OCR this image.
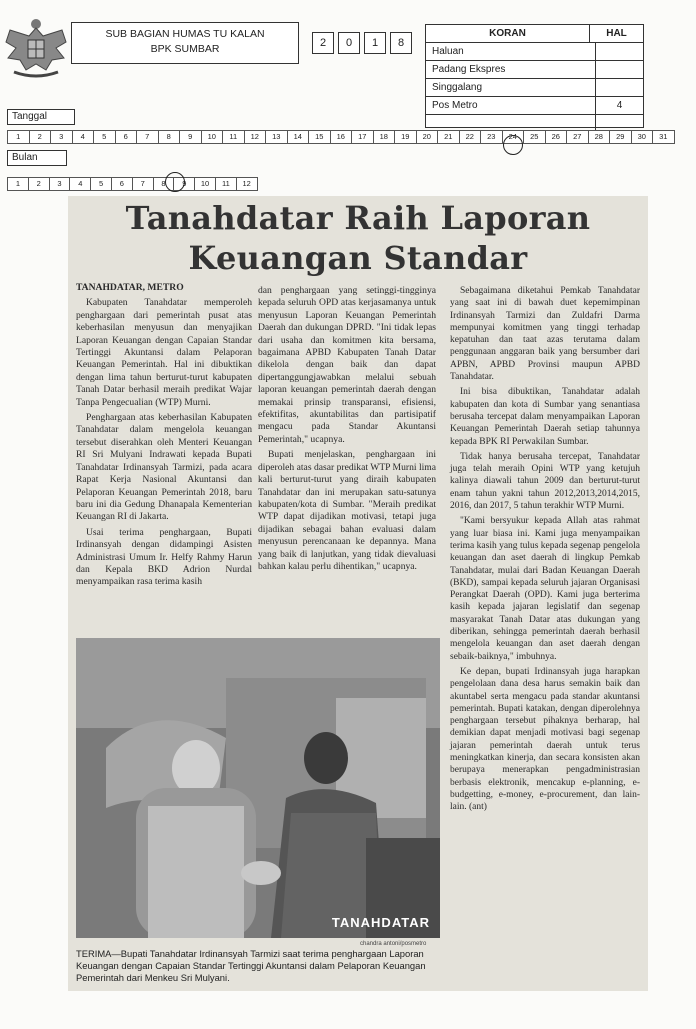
SUB BAGIAN HUMAS TU KALAN
BPK SUMBAR	2	0	1	8
KORAN	HAL
Haluan
Padang Ekspres
Singgalang
Pos Metro	4
Tanggal
1	2	3	4	5	6	7	8	9	10	11	12	13	14	15	16	17	18	19	20	21	22	23	24	25	26	27	28	29	30	31
Bulan
1	2	3	4	5	6	7	8	9	10	11	12
Tanahdatar Raih Laporan
Keuangan Standar

TANAHDATAR, METRO

Kabupaten Tanahdatar memperoleh penghargaan dari pemerintah pusat atas keberhasilan menyusun dan menyajikan Laporan Keuangan dengan Capaian Standar Tertinggi Akuntansi dalam Pelaporan Keuangan Pemerintah. Hal ini dibuktikan dengan lima tahun berturut-turut kabupaten Tanah Datar berhasil meraih predikat Wajar Tanpa Pengecualian (WTP) Murni.

Penghargaan atas keberhasilan Kabupaten Tanahdatar dalam mengelola keuangan tersebut diserahkan oleh Menteri Keuangan RI Sri Mulyani Indrawati kepada Bupati Tanahdatar Irdinansyah Tarmizi, pada acara Rapat Kerja Nasional Akuntansi dan Pelaporan Keuangan Pemerintah 2018, baru baru ini dia Gedung Dhanapala Kementerian Keuangan RI di Jakarta.

Usai terima penghargaan, Bupati Irdinansyah dengan didampingi Asisten Administrasi Umum Ir. Helfy Rahmy Harun dan Kepala BKD Adrion Nurdal menyampaikan rasa terima kasih

dan penghargaan yang setinggi-tingginya kepada seluruh OPD atas kerjasamanya untuk menyusun Laporan Keuangan Pemerintah Daerah dan dukungan DPRD. "Ini tidak lepas dari usaha dan komitmen kita bersama, bagaimana APBD Kabupaten Tanah Datar dikelola dengan baik dan dapat dipertanggungjawabkan melalui sebuah laporan keuangan pemerintah daerah dengan memakai prinsip transparansi, efisiensi, efektifitas, akuntabilitas dan partisipatif mengacu pada Standar Akuntansi Pemerintah," ucapnya.

Bupati menjelaskan, penghargaan ini diperoleh atas dasar predikat WTP Murni lima kali berturut-turut yang diraih kabupaten Tanahdatar dan ini merupakan satu-satunya kabupaten/kota di Sumbar. "Meraih predikat WTP dapat dijadikan motivasi, tetapi juga dijadikan sebagai bahan evaluasi dalam menyusun perencanaan ke depannya. Mana yang baik di lanjutkan, yang tidak dievaluasi bahkan kalau perlu dihentikan," ucapnya.

Sebagaimana diketahui Pemkab Tanahdatar yang saat ini di bawah duet kepemimpinan Irdinansyah Tarmizi dan Zuldafri Darma mempunyai komitmen yang tinggi terhadap kepatuhan dan taat azas terutama dalam penggunaan anggaran baik yang bersumber dari APBN, APBD Provinsi maupun APBD Tanahdatar.

Ini bisa dibuktikan, Tanahdatar adalah kabupaten dan kota di Sumbar yang senantiasa berusaha tercepat dalam menyampaikan Laporan Keuangan Pemerintah Daerah setiap tahunnya kepada BPK RI Perwakilan Sumbar.

Tidak hanya berusaha tercepat, Tanahdatar juga telah meraih Opini WTP yang ketujuh kalinya diawali tahun 2009 dan berturut-turut enam tahun yakni tahun 2012,2013,2014,2015, 2016, dan 2017, 5 tahun terakhir WTP Murni.

"Kami bersyukur kepada Allah atas rahmat yang luar biasa ini. Kami juga menyampaikan terima kasih yang tulus kepada segenap pengelola keuangan dan aset daerah di lingkup Pemkab Tanahdatar, mulai dari Badan Keuangan Daerah (BKD), sampai kepada seluruh jajaran Organisasi Perangkat Daerah (OPD). Kami juga berterima kasih kepada jajaran legislatif dan segenap masyarakat Tanah Datar atas dukungan yang diberikan, sehingga pemerintah daerah berhasil mengelola keuangan dan aset daerah dengan sebaik-baiknya," imbuhnya.

Ke depan, bupati Irdinansyah juga harapkan pengelolaan dana desa harus semakin baik dan akuntabel serta mengacu pada standar akuntansi pemerintah. Bupati katakan, dengan diperolehnya penghargaan tersebut pihaknya berharap, hal demikian dapat menjadi motivasi bagi segenap jajaran pemerintah daerah untuk terus meningkatkan kinerja, dan secara konsisten akan berupaya menerapkan pengadministrasian berbasis elektronik, mencakup e-planning, e-budgetting, e-money, e-procurement, dan lain-lain. (ant)

TANAHDATAR
chandra antoni/posmetro
TERIMA—Bupati Tanahdatar Irdinansyah Tarmizi saat terima penghargaan Laporan Keuangan dengan Capaian Standar Tertinggi Akuntansi dalam Pelaporan Keuangan Pemerintah dari Menkeu Sri Mulyani.
